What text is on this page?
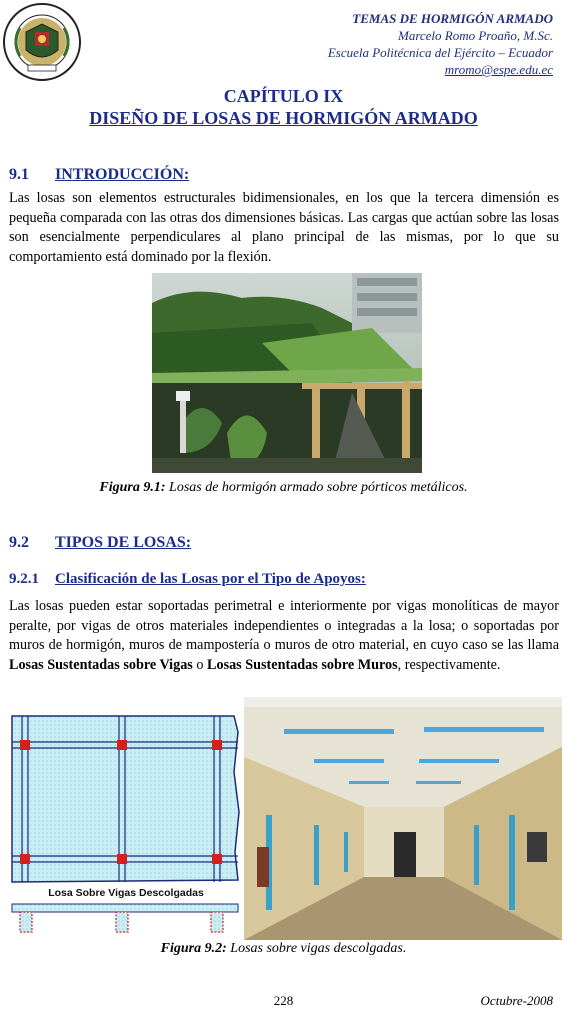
TEMAS DE HORMIGÓN ARMADO
Marcelo Romo Proaño, M.Sc.
Escuela Politécnica del Ejército – Ecuador
mromo@espe.edu.ec
CAPÍTULO IX
DISEÑO DE LOSAS DE HORMIGÓN ARMADO
9.1 INTRODUCCIÓN:

Las losas son elementos estructurales bidimensionales, en los que la tercera dimensión es pequeña comparada con las otras dos dimensiones básicas. Las cargas que actúan sobre las losas son esencialmente perpendiculares al plano principal de las mismas, por lo que su comportamiento está dominado por la flexión.

Figura 9.1: Losas de hormigón armado sobre pórticos metálicos.
9.2 TIPOS DE LOSAS:
9.2.1 Clasificación de las Losas por el Tipo de Apoyos:

Las losas pueden estar soportadas perimetral e interiormente por vigas monolíticas de mayor peralte, por vigas de otros materiales independientes o integradas a la losa; o soportadas por muros de hormigón, muros de mampostería o muros de otro material, en cuyo caso se las llama Losas Sustentadas sobre Vigas o Losas Sustentadas sobre Muros, respectivamente.

Losa Sobre Vigas Descolgadas
Figura 9.2: Losas sobre vigas descolgadas.
228	Octubre-2008
